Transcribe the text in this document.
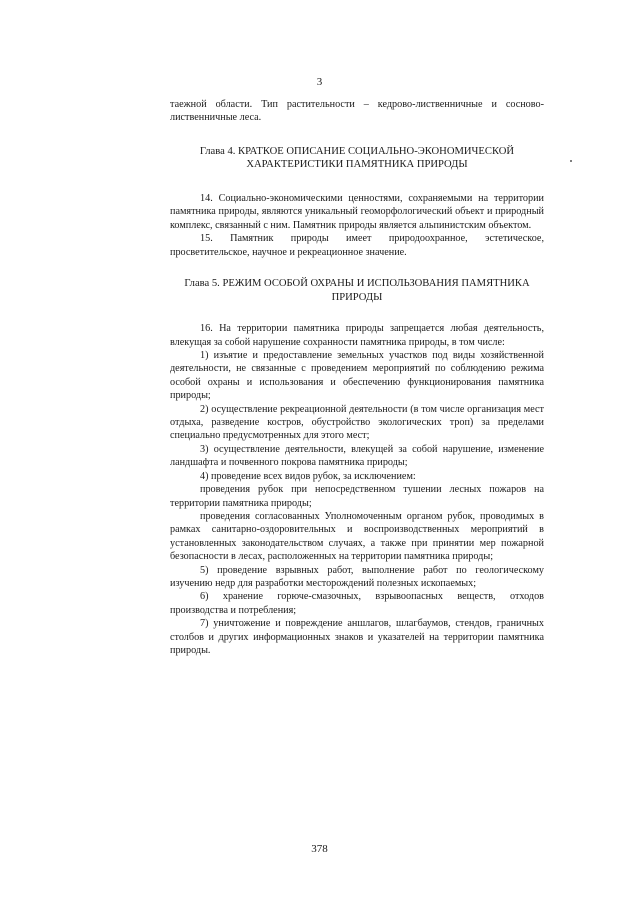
3

таежной области. Тип растительности – кедрово-лиственничные и сосново-лиственничные леса.

Глава 4. КРАТКОЕ ОПИСАНИЕ СОЦИАЛЬНО-ЭКОНОМИЧЕСКОЙ ХАРАКТЕРИСТИКИ ПАМЯТНИКА ПРИРОДЫ

14. Социально-экономическими ценностями, сохраняемыми на территории памятника природы, являются уникальный геоморфологический объект и природный комплекс, связанный с ним. Памятник природы является альпинистским объектом.

15. Памятник природы имеет природоохранное, эстетическое, просветительское, научное и рекреационное значение.

Глава 5. РЕЖИМ ОСОБОЙ ОХРАНЫ И ИСПОЛЬЗОВАНИЯ ПАМЯТНИКА ПРИРОДЫ

16. На территории памятника природы запрещается любая деятельность, влекущая за собой нарушение сохранности памятника природы, в том числе:

1) изъятие и предоставление земельных участков под виды хозяйственной деятельности, не связанные с проведением мероприятий по соблюдению режима особой охраны и использования и обеспечению функционирования памятника природы;

2) осуществление рекреационной деятельности (в том числе организация мест отдыха, разведение костров, обустройство экологических троп) за пределами специально предусмотренных для этого мест;

3) осуществление деятельности, влекущей за собой нарушение, изменение ландшафта и почвенного покрова памятника природы;

4) проведение всех видов рубок, за исключением:

проведения рубок при непосредственном тушении лесных пожаров на территории памятника природы;

проведения согласованных Уполномоченным органом рубок, проводимых в рамках санитарно-оздоровительных и воспроизводственных мероприятий в установленных законодательством случаях, а также при принятии мер пожарной безопасности в лесах, расположенных на территории памятника природы;

5) проведение взрывных работ, выполнение работ по геологическому изучению недр для разработки месторождений полезных ископаемых;

6) хранение горюче-смазочных, взрывоопасных веществ, отходов производства и потребления;

7) уничтожение и повреждение аншлагов, шлагбаумов, стендов, граничных столбов и других информационных знаков и указателей на территории памятника природы.

378
